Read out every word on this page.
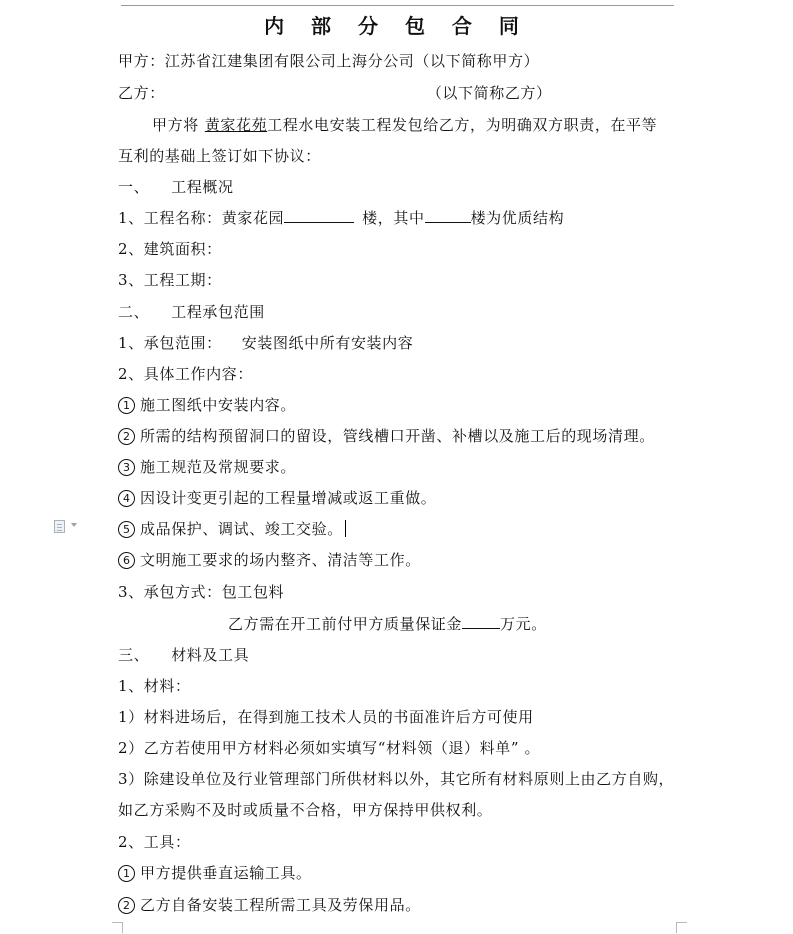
内 部 分 包 合 同
甲方：江苏省江建集团有限公司上海分公司（以下简称甲方）
乙方：	（以下简称乙方）
甲方将 黄家花苑工程水电安装工程发包给乙方，为明确双方职责，在平等
互利的基础上签订如下协议：
一、 工程概况
1、工程名称：黄家花园	楼，其中	楼为优质结构
2、建筑面积：
3、工程工期：
二、 工程承包范围
1、承包范围： 安装图纸中所有安装内容
2、具体工作内容：
1 施工图纸中安装内容。
2 所需的结构预留洞口的留设，管线槽口开凿、补槽以及施工后的现场清理。
3 施工规范及常规要求。
4 因设计变更引起的工程量增减或返工重做。
5 成品保护、调试、竣工交验。
6 文明施工要求的场内整齐、清洁等工作。
3、承包方式：包工包料
乙方需在开工前付甲方质量保证金	万元。
三、 材料及工具
1、材料：
1）材料进场后，在得到施工技术人员的书面准许后方可使用
2）乙方若使用甲方材料必须如实填写“材料领（退）料单” 。
3）除建设单位及行业管理部门所供材料以外，其它所有材料原则上由乙方自购，
如乙方采购不及时或质量不合格，甲方保持甲供权利。
2、工具：
1 甲方提供垂直运输工具。
2 乙方自备安装工程所需工具及劳保用品。
